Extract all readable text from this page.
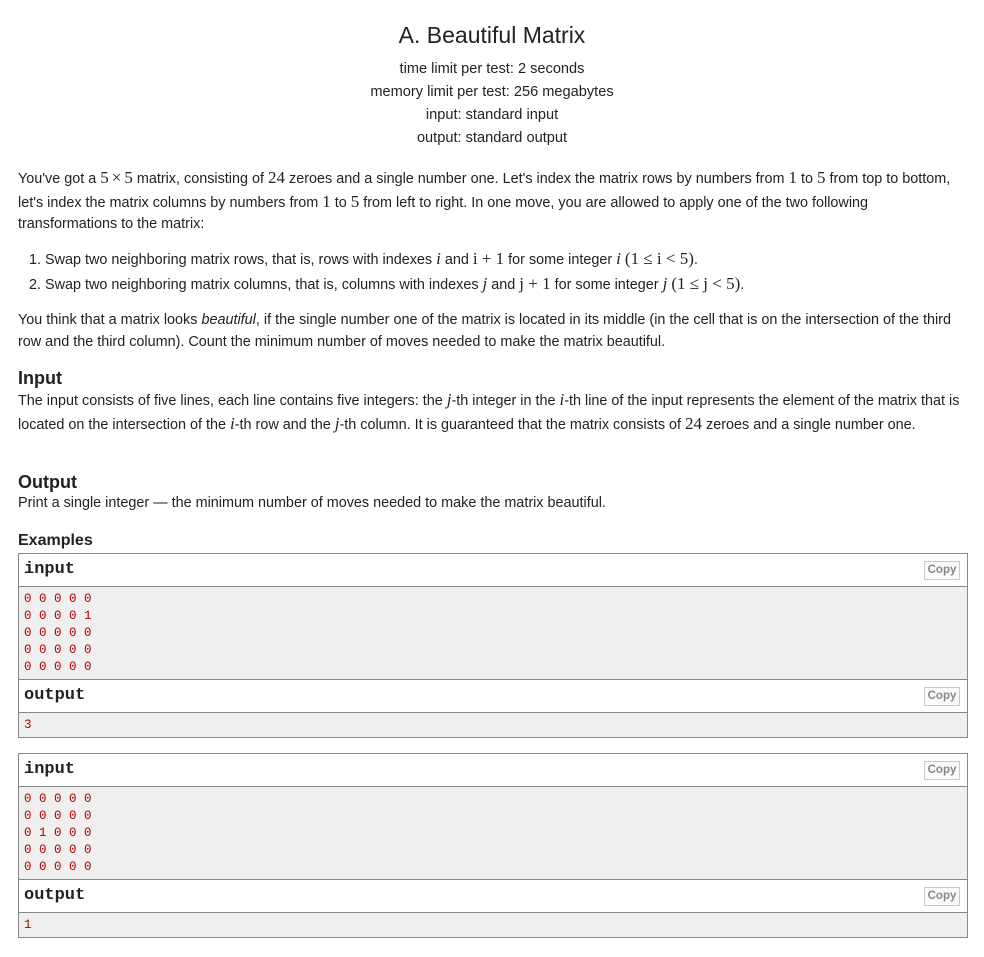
A. Beautiful Matrix
time limit per test: 2 seconds
memory limit per test: 256 megabytes
input: standard input
output: standard output

You've got a 5 × 5 matrix, consisting of 24 zeroes and a single number one. Let's index the matrix rows by numbers from 1 to 5 from top to bottom, let's index the matrix columns by numbers from 1 to 5 from left to right. In one move, you are allowed to apply one of the two following transformations to the matrix:

1. Swap two neighboring matrix rows, that is, rows with indexes i and i + 1 for some integer i (1 ≤ i < 5).
2. Swap two neighboring matrix columns, that is, columns with indexes j and j + 1 for some integer j (1 ≤ j < 5).

You think that a matrix looks beautiful, if the single number one of the matrix is located in its middle (in the cell that is on the intersection of the third row and the third column). Count the minimum number of moves needed to make the matrix beautiful.

Input

The input consists of five lines, each line contains five integers: the j-th integer in the i-th line of the input represents the element of the matrix that is located on the intersection of the i-th row and the j-th column. It is guaranteed that the matrix consists of 24 zeroes and a single number one.

Output

Print a single integer — the minimum number of moves needed to make the matrix beautiful.

Examples
input	Copy
0 0 0 0 0
0 0 0 0 1
0 0 0 0 0
0 0 0 0 0
0 0 0 0 0
output	Copy
3
input	Copy
0 0 0 0 0
0 0 0 0 0
0 1 0 0 0
0 0 0 0 0
0 0 0 0 0
output	Copy
1
